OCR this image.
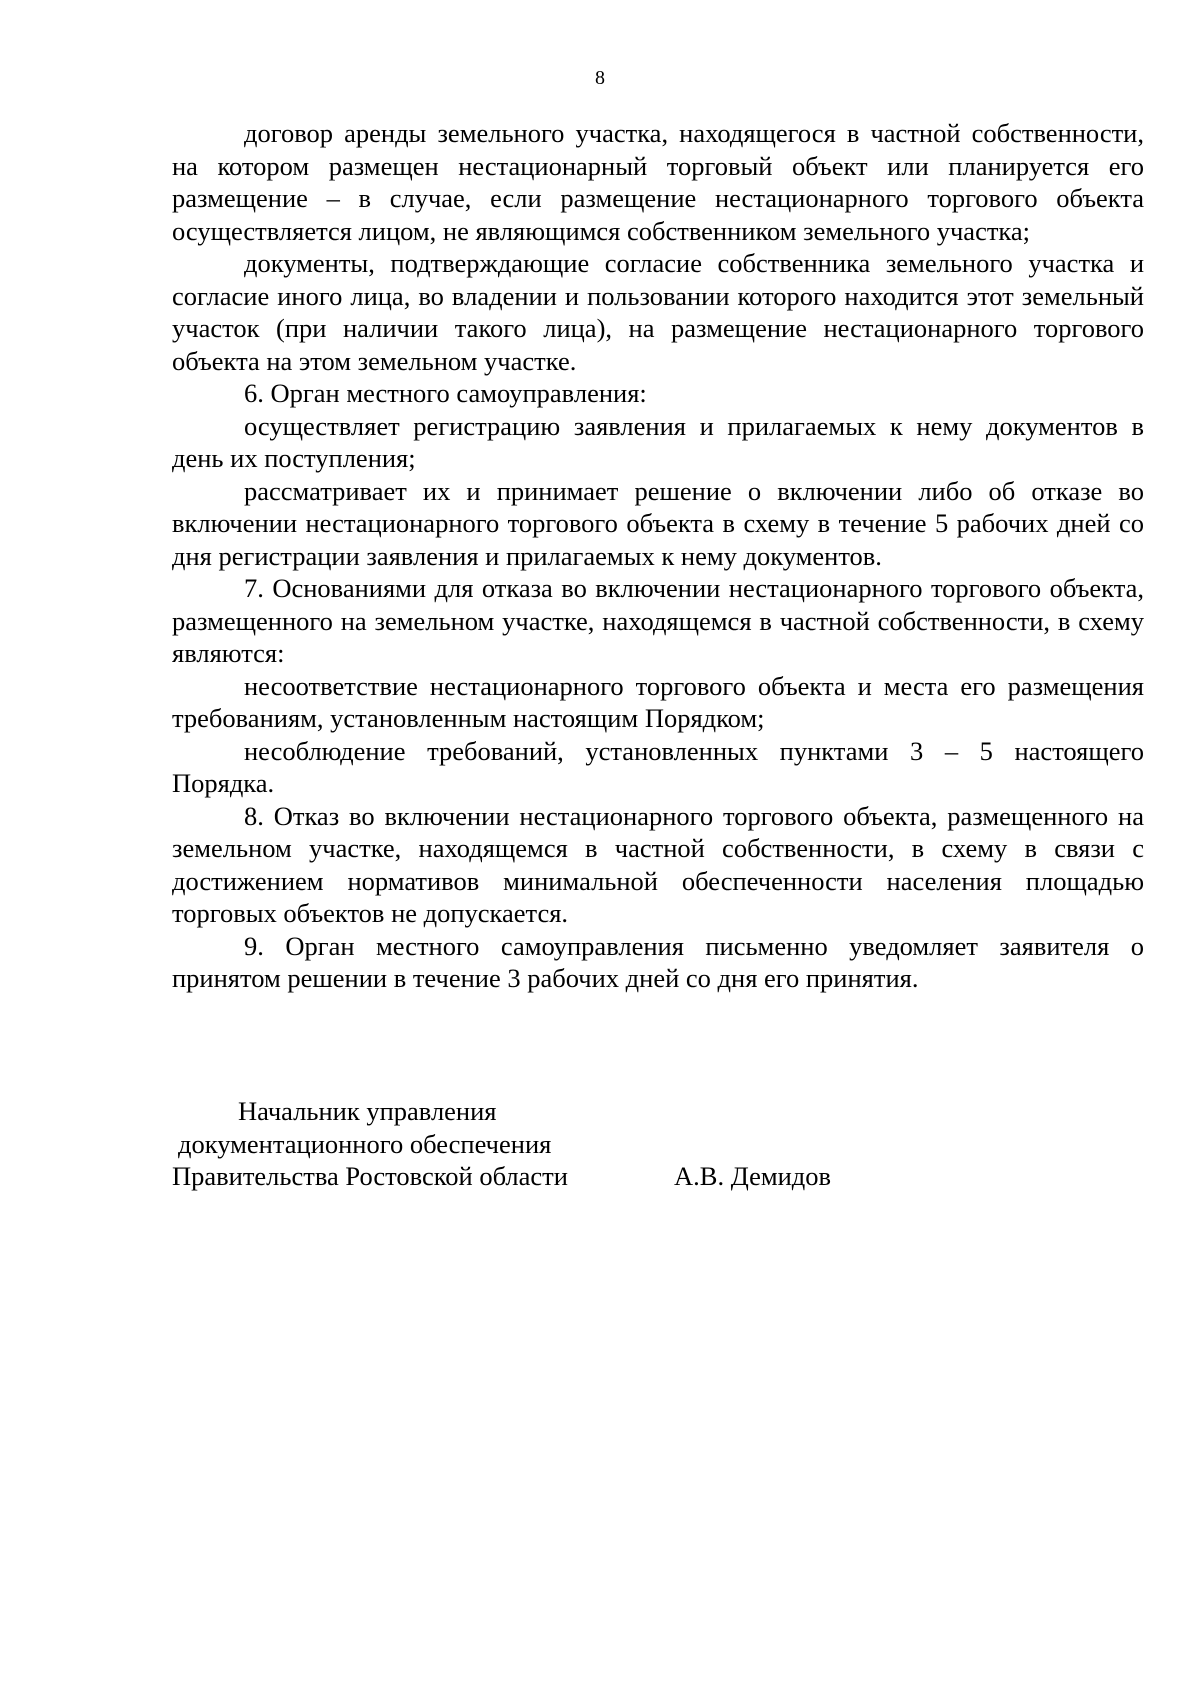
8

договор аренды земельного участка, находящегося в частной собственности, на котором размещен нестационарный торговый объект или планируется его размещение – в случае, если размещение нестационарного торгового объекта осуществляется лицом, не являющимся собственником земельного участка;

документы, подтверждающие согласие собственника земельного участка и согласие иного лица, во владении и пользовании которого находится этот земельный участок (при наличии такого лица), на размещение нестационарного торгового объекта на этом земельном участке.

6. Орган местного самоуправления:

осуществляет регистрацию заявления и прилагаемых к нему документов в день их поступления;

рассматривает их и принимает решение о включении либо об отказе во включении нестационарного торгового объекта в схему в течение 5 рабочих дней со дня регистрации заявления и прилагаемых к нему документов.

7. Основаниями для отказа во включении нестационарного торгового объекта, размещенного на земельном участке, находящемся в частной собственности, в схему являются:

несоответствие нестационарного торгового объекта и места его размещения требованиям, установленным настоящим Порядком;

несоблюдение требований, установленных пунктами 3 – 5 настоящего Порядка.

8. Отказ во включении нестационарного торгового объекта, размещенного на земельном участке, находящемся в частной собственности, в схему в связи с достижением нормативов минимальной обеспеченности населения площадью торговых объектов не допускается.

9. Орган местного самоуправления письменно уведомляет заявителя о принятом решении в течение 3 рабочих дней со дня его принятия.

Начальник управления
документационного обеспечения
Правительства Ростовской области	А.В. Демидов
